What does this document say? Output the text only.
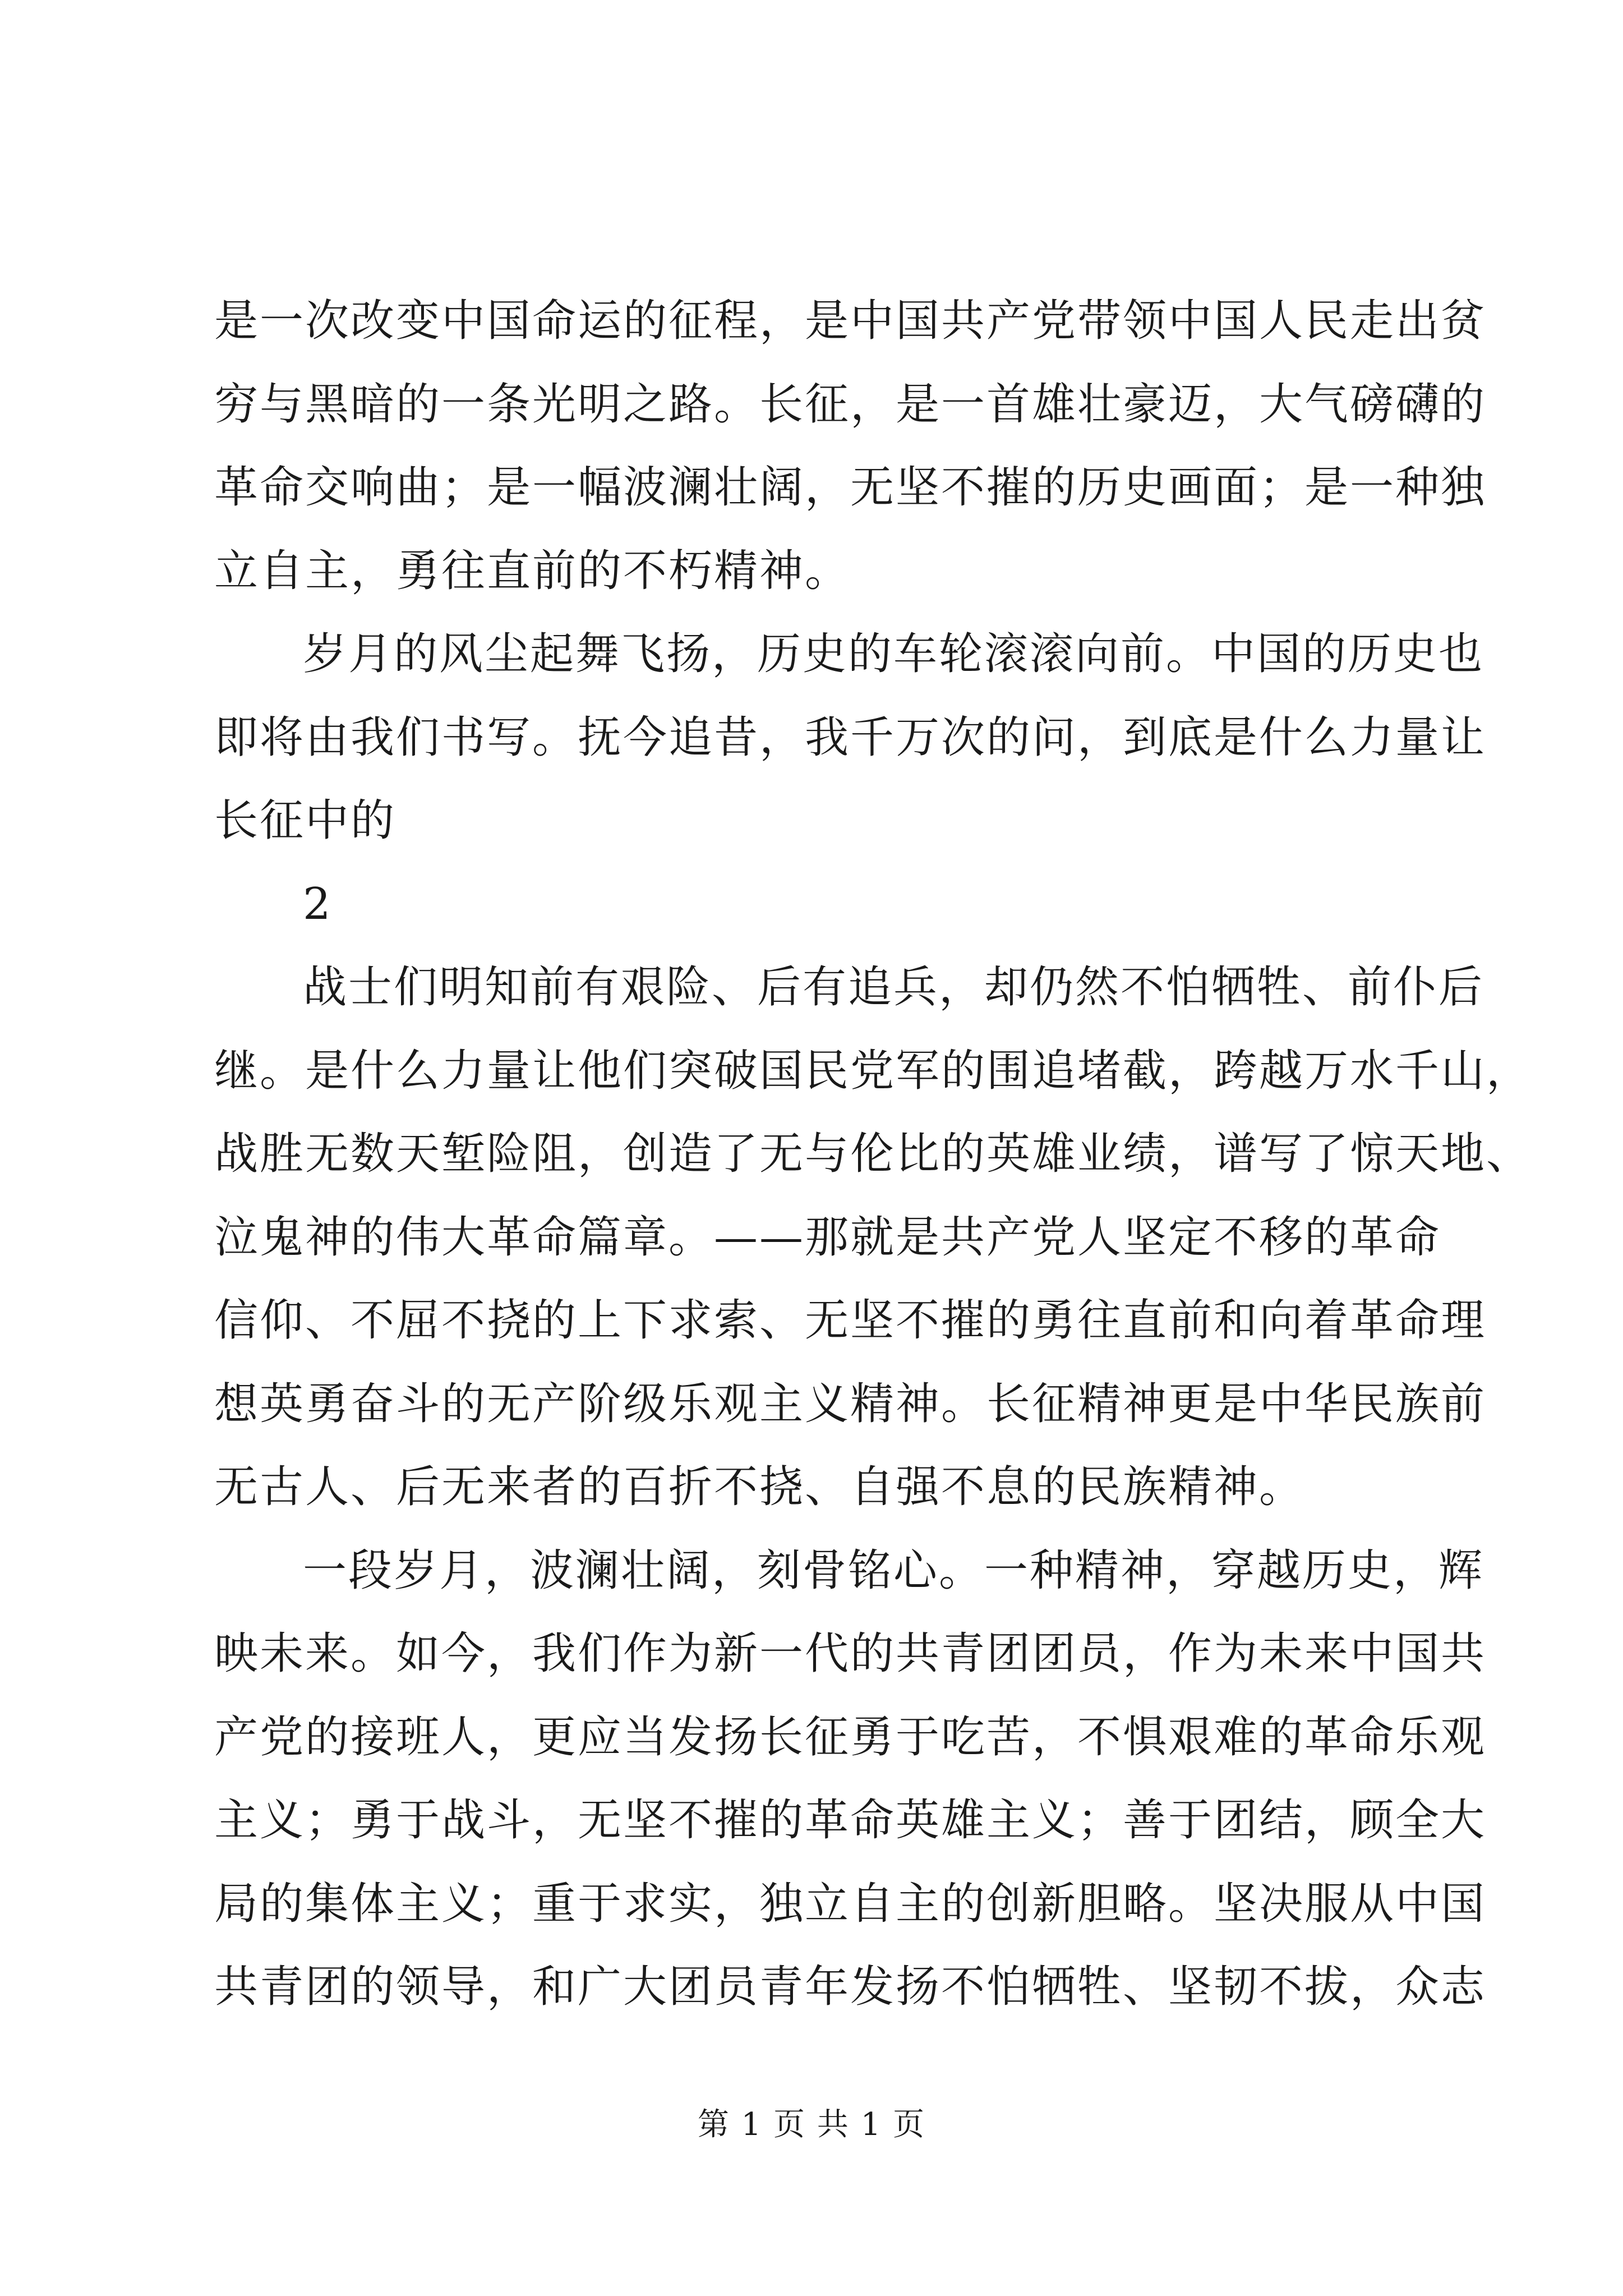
是一次改变中国命运的征程，是中国共产党带领中国人民走出贫
穷与黑暗的一条光明之路。长征，是一首雄壮豪迈，大气磅礴的
革命交响曲；是一幅波澜壮阔，无坚不摧的历史画面；是一种独
立自主，勇往直前的不朽精神。
岁月的风尘起舞飞扬，历史的车轮滚滚向前。中国的历史也
即将由我们书写。抚今追昔，我千万次的问，到底是什么力量让
长征中的
2
战士们明知前有艰险、后有追兵，却仍然不怕牺牲、前仆后
继。是什么力量让他们突破国民党军的围追堵截，跨越万水千山，
战胜无数天堑险阻，创造了无与伦比的英雄业绩，谱写了惊天地、
泣鬼神的伟大革命篇章。——那就是共产党人坚定不移的革命
信仰、不屈不挠的上下求索、无坚不摧的勇往直前和向着革命理
想英勇奋斗的无产阶级乐观主义精神。长征精神更是中华民族前
无古人、后无来者的百折不挠、自强不息的民族精神。
一段岁月，波澜壮阔，刻骨铭心。一种精神，穿越历史，辉
映未来。如今，我们作为新一代的共青团团员，作为未来中国共
产党的接班人，更应当发扬长征勇于吃苦，不惧艰难的革命乐观
主义；勇于战斗，无坚不摧的革命英雄主义；善于团结，顾全大
局的集体主义；重于求实，独立自主的创新胆略。坚决服从中国
共青团的领导，和广大团员青年发扬不怕牺牲、坚韧不拔，众志
第 1 页 共 1 页
